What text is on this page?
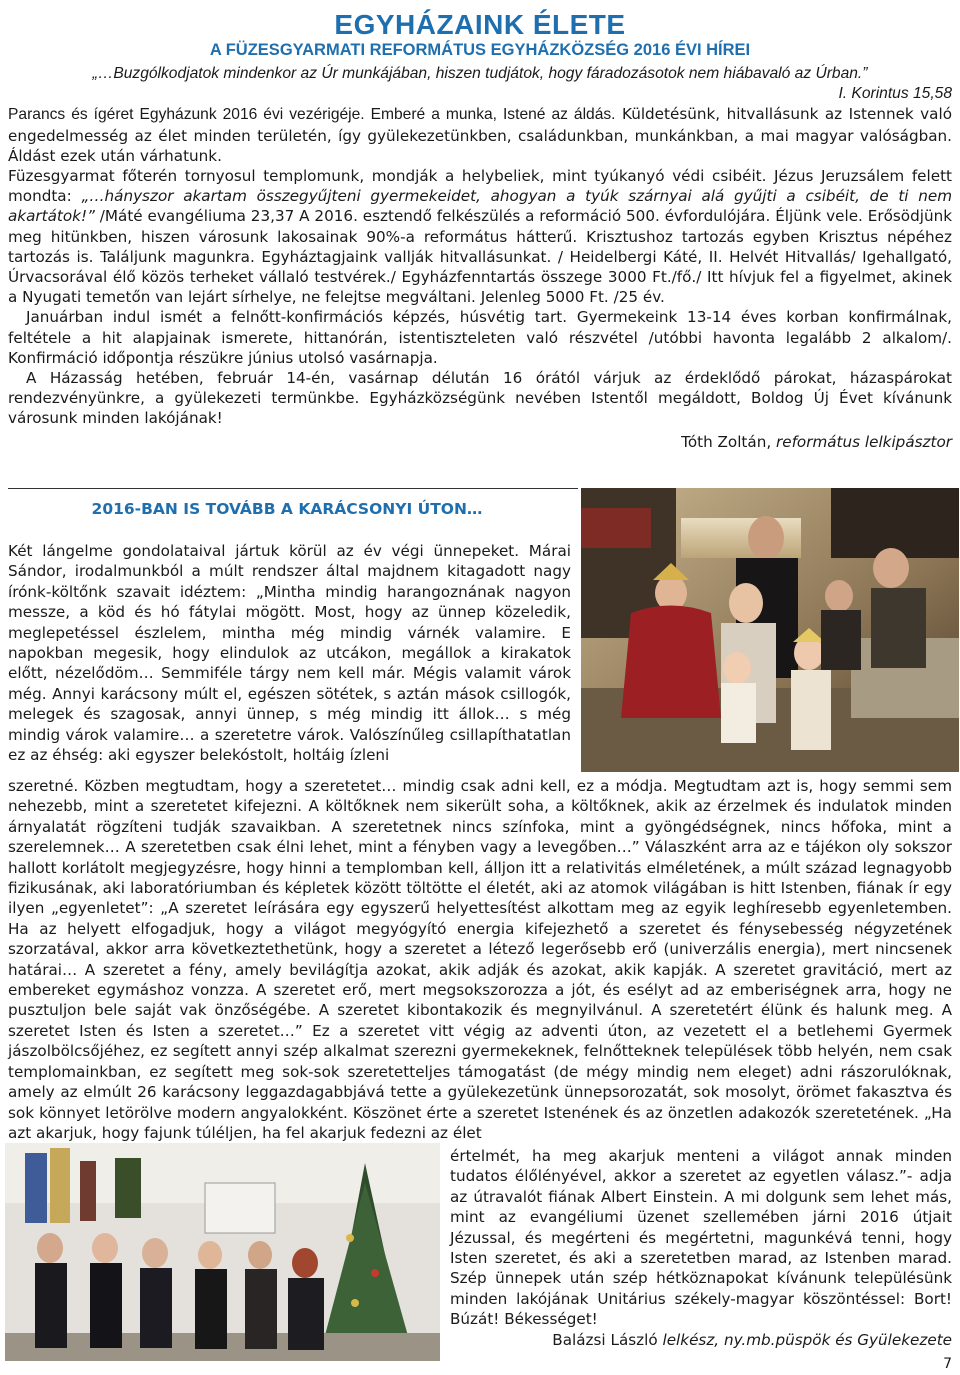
EGYHÁZAINK ÉLETE
A FÜZESGYARMATI REFORMÁTUS EGYHÁZKÖZSÉG 2016 ÉVI HÍREI

„…Buzgólkodjatok mindenkor az Úr munkájában, hiszen tudjátok, hogy fáradozásotok nem hiábavaló az Úrban.”

I. Korintus 15,58

Parancs és ígéret Egyházunk 2016 évi vezérigéje. Emberé a munka, Istené az áldás. Küldetésünk, hitvallásunk az Istennek való engedelmesség az élet minden területén, így gyülekezetünkben, családunkban, munkánkban, a mai magyar valóságban. Áldást ezek után várhatunk.

Füzesgyarmat főterén tornyosul templomunk, mondják a helybeliek, mint tyúkanyó védi csibéit. Jézus Jeruzsálem felett mondta: „…hányszor akartam összegyűjteni gyermekeidet, ahogyan a tyúk szárnyai alá gyűjti a csibéit, de ti nem akartátok!” /Máté evangéliuma 23,37 A 2016. esztendő felkészülés a reformáció 500. évfordulójára. Éljünk vele. Erősödjünk meg hitünkben, hiszen városunk lakosainak 90%-a református hátterű. Krisztushoz tartozás egyben Krisztus népéhez tartozás is. Találjunk magunkra. Egyháztagjaink vallják hitvallásunkat. / Heidelbergi Káté, II. Helvét Hitvallás/ Igehallgató, Úrvacsorával élő közös terheket vállaló testvérek./ Egyházfenntartás összege 3000 Ft./fő./ Itt hívjuk fel a figyelmet, akinek a Nyugati temetőn van lejárt sírhelye, ne felejtse megváltani. Jelenleg 5000 Ft. /25 év.

Januárban indul ismét a felnőtt-konfirmációs képzés, húsvétig tart. Gyermekeink 13-14 éves korban konfirmálnak, feltétele a hit alapjainak ismerete, hittanórán, istentiszteleten való részvétel /utóbbi havonta legalább 2 alkalom/. Konfirmáció időpontja részükre június utolsó vasárnapja.

A Házasság hetében, február 14-én, vasárnap délután 16 órától várjuk az érdeklődő párokat, házaspárokat rendezvényünkre, a gyülekezeti termünkbe. Egyházközségünk nevében Istentől megáldott, Boldog Új Évet kívánunk városunk minden lakójának!

Tóth Zoltán, református lelkipásztor

2016-BAN IS TOVÁBB A KARÁCSONYI ÚTON…
Két lángelme gondolataival jártuk körül az év végi ünnepeket. Márai Sándor, irodalmunkból a múlt rendszer által majdnem kitagadott nagy írónk-költőnk szavait idéztem: „Mintha mindig harangoznának nagyon messze, a köd és hó fátylai mögött. Most, hogy az ünnep közeledik, meglepetéssel észlelem, mintha még mindig várnék valamire. E napokban megesik, hogy elindulok az utcákon, megállok a kirakatok előtt, nézelődöm… Semmiféle tárgy nem kell már. Mégis valamit várok még. Annyi karácsony múlt el, egészen sötétek, s aztán mások csillogók, melegek és szagosak, annyi ünnep, s még mindig itt állok… s még mindig várok valamire… a szeretetre várok. Valószínűleg csillapíthatatlan ez az éhség: aki egyszer belekóstolt, holtáig ízleni
szeretné. Közben megtudtam, hogy a szeretetet… mindig csak adni kell, ez a módja. Megtudtam azt is, hogy semmi sem nehezebb, mint a szeretetet kifejezni. A költőknek nem sikerült soha, a költőknek, akik az érzelmek és indulatok minden árnyalatát rögzíteni tudják szavaikban. A szeretetnek nincs színfoka, mint a gyöngédségnek, nincs hőfoka, mint a szerelemnek… A szeretetben csak élni lehet, mint a fényben vagy a levegőben…” Válaszként arra az e tájékon oly sokszor hallott korlátolt megjegyzésre, hogy hinni a templomban kell, álljon itt a relativitás elméletének, a múlt század legnagyobb fizikusának, aki laboratóriumban és képletek között töltötte el életét, aki az atomok világában is hitt Istenben, fiának ír egy ilyen „egyenletet”: „A szeretet leírására egy egyszerű helyettesítést alkottam meg az egyik leghíresebb egyenletemben. Ha az helyett elfogadjuk, hogy a világot megyógyító energia kifejezhető a szeretet és fénysebesség négyzetének szorzatával, akkor arra következtethetünk, hogy a szeretet a létező legerősebb erő (univerzális energia), mert nincsenek határai… A szeretet a fény, amely bevilágítja azokat, akik adják és azokat, akik kapják. A szeretet gravitáció, mert az embereket egymáshoz vonzza. A szeretet erő, mert megsokszorozza a jót, és esélyt ad az emberiségnek arra, hogy ne pusztuljon bele saját vak önzőségébe. A szeretet kibontakozik és megnyilvánul. A szeretetért élünk és halunk meg. A szeretet Isten és Isten a szeretet…” Ez a szeretet vitt végig az adventi úton, az vezetett el a betlehemi Gyermek jászolbölcsőjéhez, ez segített annyi szép alkalmat szerezni gyermekeknek, felnőtteknek települések több helyén, nem csak templomainkban, ez segített meg sok-sok szeretetteljes támogatást (de mégy mindig nem eleget) adni rászorulóknak, amely az elmúlt 26 karácsony leggazdagabbjává tette a gyülekezetünk ünnepsorozatát, sok mosolyt, örömet fakasztva és sok könnyet letörölve modern angyalokként. Köszönet érte a szeretet Istenének és az önzetlen adakozók szeretetének. „Ha azt akarjuk, hogy fajunk túléljen, ha fel akarjuk fedezni az élet
értelmét, ha meg akarjuk menteni a világot annak minden tudatos élőlényével, akkor a szeretet az egyetlen válasz.”- adja az útravalót fiának Albert Einstein. A mi dolgunk sem lehet más, mint az evangéliumi üzenet szellemében járni 2016 útjait Jézussal, és megérteni és megértetni, magunkévá tenni, hogy Isten szeretet, és aki a szeretetben marad, az Istenben marad. Szép ünnepek után szép hétköznapokat kívánunk településünk minden lakójának Unitárius székely-magyar köszöntéssel: Bort! Búzát! Békességet!
Balázsi László lelkész, ny.mb.püspök és Gyülekezete
7
